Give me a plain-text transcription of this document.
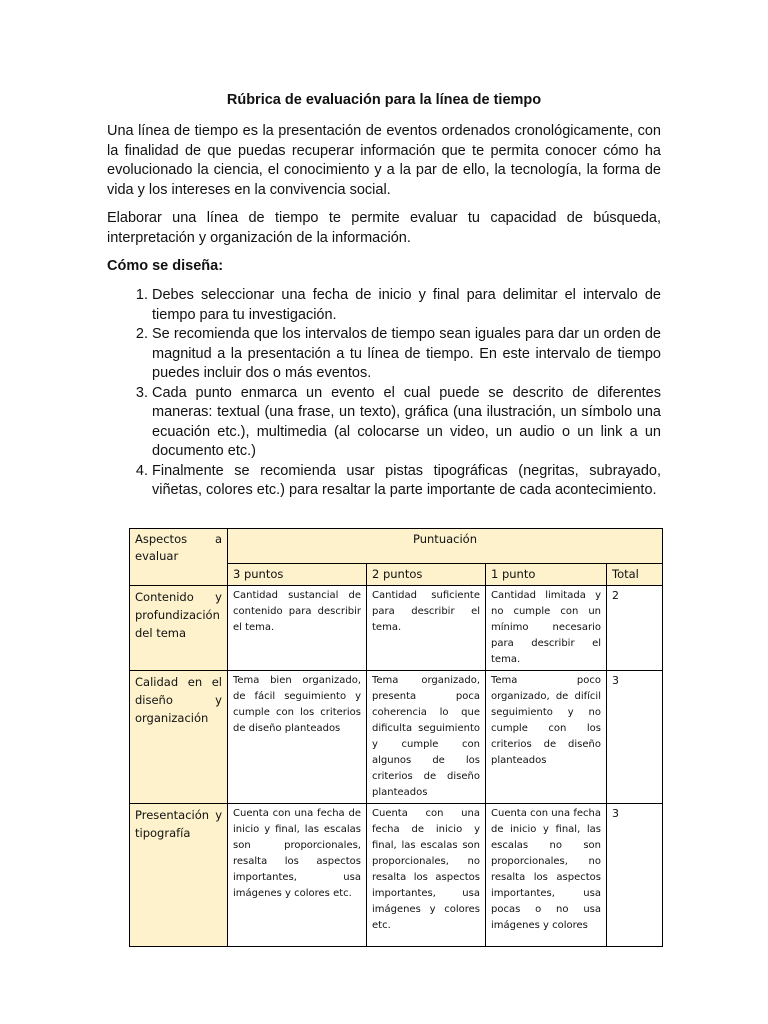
Rúbrica de evaluación para la línea de tiempo
Una línea de tiempo es la presentación de eventos ordenados cronológicamente, con la finalidad de que puedas recuperar información que te permita conocer cómo ha evolucionado la ciencia, el conocimiento y a la par de ello, la tecnología, la forma de vida y los intereses en la convivencia social.
Elaborar una línea de tiempo te permite evaluar tu capacidad de búsqueda, interpretación y organización de la información.
Cómo se diseña:
1. Debes seleccionar una fecha de inicio y final para delimitar el intervalo de tiempo para tu investigación.
2. Se recomienda que los intervalos de tiempo sean iguales para dar un orden de magnitud a la presentación a tu línea de tiempo. En este intervalo de tiempo puedes incluir dos o más eventos.
3. Cada punto enmarca un evento el cual puede se descrito de diferentes maneras: textual (una frase, un texto), gráfica (una ilustración, un símbolo una ecuación etc.), multimedia (al colocarse un video, un audio o un link a un documento etc.)
4. Finalmente se recomienda usar pistas tipográficas (negritas, subrayado, viñetas, colores etc.) para resaltar la parte importante de cada acontecimiento.
Aspectos a evaluar	Puntuación			
	3 puntos	2 puntos	1 punto	Total
Contenido y profundización del tema	Cantidad sustancial de contenido para describir el tema.	Cantidad suficiente para describir el tema.	Cantidad limitada y no cumple con un mínimo necesario para describir el tema.	2
Calidad en el diseño y organización	Tema bien organizado, de fácil seguimiento y cumple con los criterios de diseño planteados	Tema organizado, presenta poca coherencia lo que dificulta seguimiento y cumple con algunos de los criterios de diseño planteados	Tema poco organizado, de difícil seguimiento y no cumple con los criterios de diseño planteados	3
Presentación y tipografía	Cuenta con una fecha de inicio y final, las escalas son proporcionales, resalta los aspectos importantes, usa imágenes y colores etc.	Cuenta con una fecha de inicio y final, las escalas son proporcionales, no resalta los aspectos importantes, usa imágenes y colores etc.	Cuenta con una fecha de inicio y final, las escalas no son proporcionales, no resalta los aspectos importantes, usa pocas o no usa imágenes y colores	3
